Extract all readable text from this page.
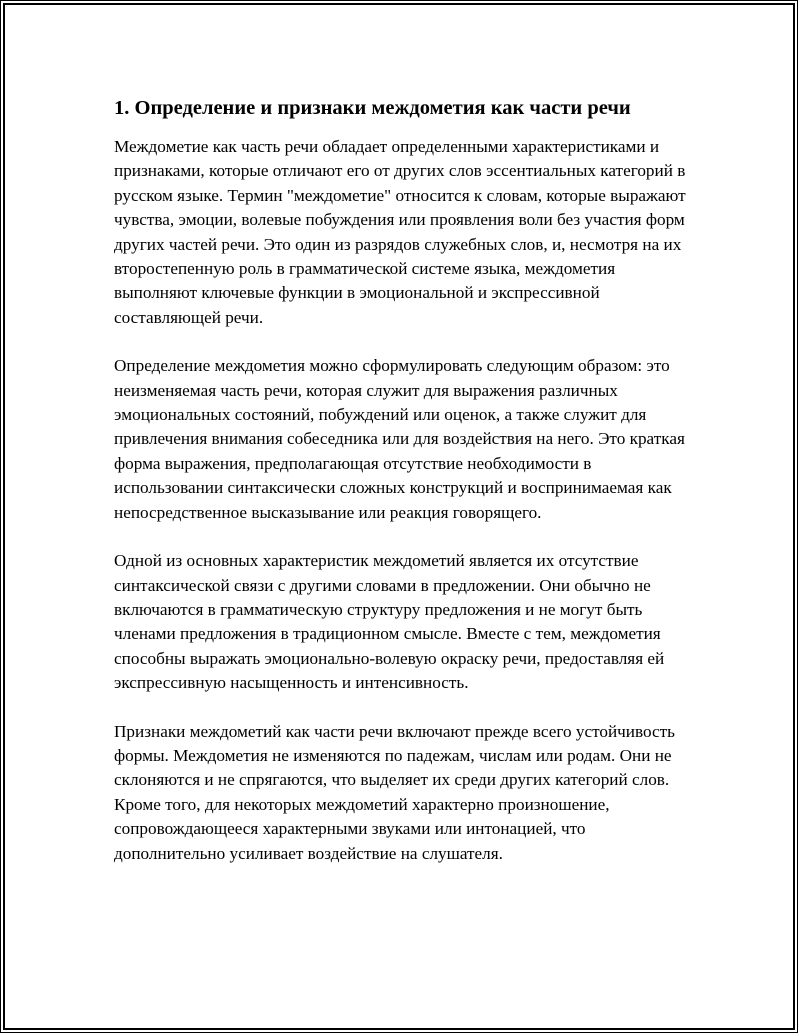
1. Определение и признаки междометия как части речи

Междометие как часть речи обладает определенными характеристиками и признаками, которые отличают его от других слов эссентиальных категорий в русском языке. Термин "междометие" относится к словам, которые выражают чувства, эмоции, волевые побуждения или проявления воли без участия форм других частей речи. Это один из разрядов служебных слов, и, несмотря на их второстепенную роль в грамматической системе языка, междометия выполняют ключевые функции в эмоциональной и экспрессивной составляющей речи.

Определение междометия можно сформулировать следующим образом: это неизменяемая часть речи, которая служит для выражения различных эмоциональных состояний, побуждений или оценок, а также служит для привлечения внимания собеседника или для воздействия на него. Это краткая форма выражения, предполагающая отсутствие необходимости в использовании синтаксически сложных конструкций и воспринимаемая как непосредственное высказывание или реакция говорящего.

Одной из основных характеристик междометий является их отсутствие синтаксической связи с другими словами в предложении. Они обычно не включаются в грамматическую структуру предложения и не могут быть членами предложения в традиционном смысле. Вместе с тем, междометия способны выражать эмоционально-волевую окраску речи, предоставляя ей экспрессивную насыщенность и интенсивность.

Признаки междометий как части речи включают прежде всего устойчивость формы. Междометия не изменяются по падежам, числам или родам. Они не склоняются и не спрягаются, что выделяет их среди других категорий слов. Кроме того, для некоторых междометий характерно произношение, сопровождающееся характерными звуками или интонацией, что дополнительно усиливает воздействие на слушателя.
